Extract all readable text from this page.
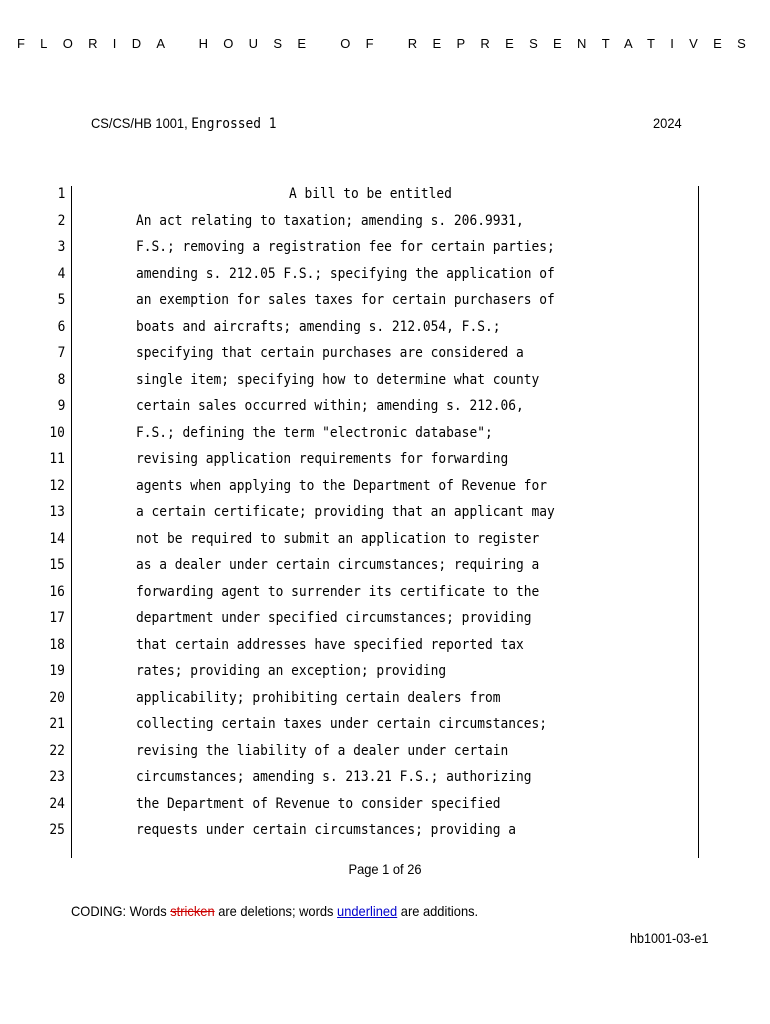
FLORIDA HOUSE OF REPRESENTATIVES
CS/CS/HB 1001, Engrossed 1	2024
1	A bill to be entitled
2	An act relating to taxation; amending s. 206.9931,
3	F.S.; removing a registration fee for certain parties;
4	amending s. 212.05 F.S.; specifying the application of
5	an exemption for sales taxes for certain purchasers of
6	boats and aircrafts; amending s. 212.054, F.S.;
7	specifying that certain purchases are considered a
8	single item; specifying how to determine what county
9	certain sales occurred within; amending s. 212.06,
10	F.S.; defining the term "electronic database";
11	revising application requirements for forwarding
12	agents when applying to the Department of Revenue for
13	a certain certificate; providing that an applicant may
14	not be required to submit an application to register
15	as a dealer under certain circumstances; requiring a
16	forwarding agent to surrender its certificate to the
17	department under specified circumstances; providing
18	that certain addresses have specified reported tax
19	rates; providing an exception; providing
20	applicability; prohibiting certain dealers from
21	collecting certain taxes under certain circumstances;
22	revising the liability of a dealer under certain
23	circumstances; amending s. 213.21 F.S.; authorizing
24	the Department of Revenue to consider specified
25	requests under certain circumstances; providing a
Page 1 of 26
CODING: Words stricken are deletions; words underlined are additions.
hb1001-03-e1
